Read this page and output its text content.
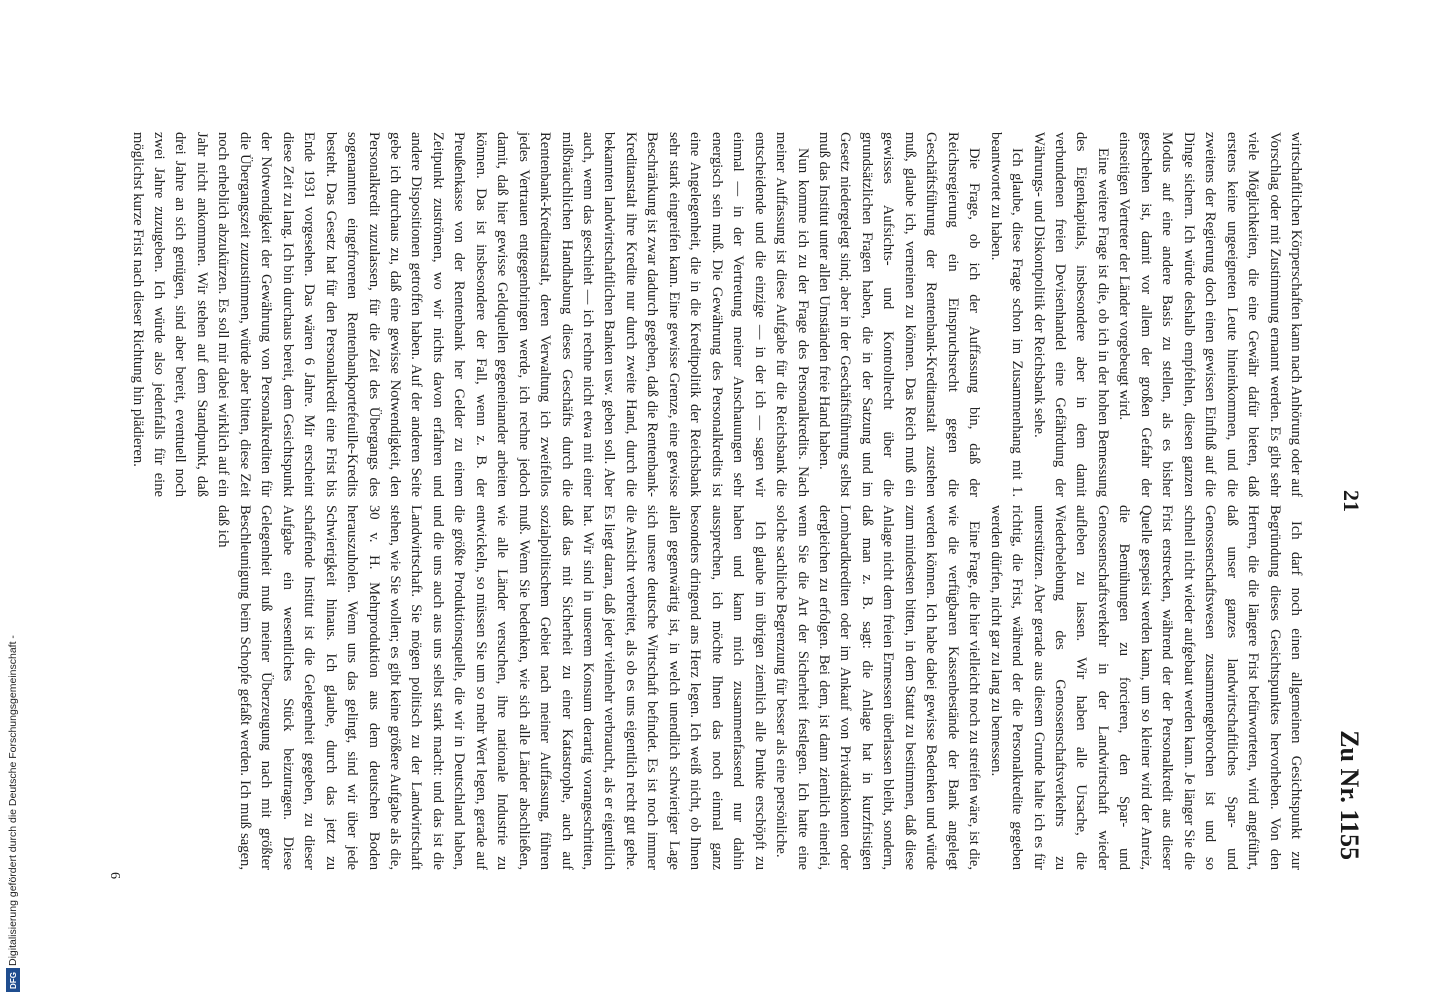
21
Zu Nr. 1155

wirtschaftlichen Körperschaften kann nach Anhörung oder auf Vorschlag oder mit Zustimmung ernannt werden. Es gibt sehr viele Möglichkeiten, die eine Gewähr dafür bieten, daß erstens keine ungeeigneten Leute hineinkommen, und die zweitens der Regierung doch einen gewissen Einfluß auf die Dinge sichern. Ich würde deshalb empfehlen, diesen ganzen Modus auf eine andere Basis zu stellen, als es bisher geschehen ist, damit vor allem der großen Gefahr der einseitigen Vertreter der Länder vorgebeugt wird.

Eine weitere Frage ist die, ob ich in der hohen Bemessung des Eigenkapitals, insbesondere aber in dem damit verbundenen freien Devisenhandel eine Gefährdung der Währungs- und Diskontpolitik der Reichsbank sehe.

Ich glaube, diese Frage schon im Zusammenhang mit 1. beantwortet zu haben.

Die Frage, ob ich der Auffassung bin, daß der Reichsregierung ein Einspruchsrecht gegen die Geschäftsführung der Rentenbank-Kreditanstalt zustehen muß, glaube ich, verneinen zu können. Das Reich muß ein gewisses Aufsichts- und Kontrollrecht über die grundsätzlichen Fragen haben, die in der Satzung und im Gesetz niedergelegt sind; aber in der Geschäftsführung selbst muß das Institut unter allen Umständen freie Hand haben.

Nun komme ich zu der Frage des Personalkredits. Nach meiner Auffassung ist diese Aufgabe für die Reichsbank die entscheidende und die einzige — in der ich — sagen wir einmal — in der Vertretung meiner Anschauungen sehr energisch sein muß. Die Gewährung des Personalkredits ist eine Angelegenheit, die in die Kreditpolitik der Reichsbank sehr stark eingreifen kann. Eine gewisse Grenze, eine gewisse Beschränkung ist zwar dadurch gegeben, daß die Rentenbank-Kreditanstalt ihre Kredite nur durch zweite Hand, durch die bekannten landwirtschaftlichen Banken usw. geben soll. Aber auch, wenn das geschieht — ich rechne nicht etwa mit einer mißbräuchlichen Handhabung dieses Geschäfts durch die Rentenbank-Kreditanstalt, deren Verwaltung ich zweifellos jedes Vertrauen entgegenbringen werde, ich rechne jedoch damit, daß hier gewisse Geldquellen gegeneinander arbeiten können. Das ist insbesondere der Fall, wenn z. B. der Preußenkasse von der Rentenbank her Gelder zu einem Zeitpunkt zuströmen, wo wir nichts davon erfahren und andere Dispositionen getroffen haben. Auf der anderen Seite gebe ich durchaus zu, daß eine gewisse Notwendigkeit, den Personalkredit zuzulassen, für die Zeit des Übergangs des sogenannten eingefrorenen Rentenbankportefeuille-Kredits besteht. Das Gesetz hat für den Personalkredit eine Frist bis Ende 1931 vorgesehen. Das wären 6 Jahre. Mir erscheint diese Zeit zu lang. Ich bin durchaus bereit, dem Gesichtspunkt der Notwendigkeit der Gewährung von Personalkrediten für die Übergangszeit zuzustimmen, würde aber bitten, diese Zeit noch erheblich abzukürzen. Es soll mir dabei wirklich auf ein Jahr nicht ankommen. Wir stehen auf dem Standpunkt, daß drei Jahre an sich genügen, sind aber bereit, eventuell noch zwei Jahre zuzugeben. Ich würde also jedenfalls für eine möglichst kurze Frist nach dieser Richtung hin plädieren.

Ich darf noch einen allgemeinen Gesichtspunkt zur Begründung dieses Gesichtspunktes hervorheben. Von den Herren, die die längere Frist befürworteten, wird angeführt, daß unser ganzes landwirtschaftliches Spar- und Genossenschaftswesen zusammengebrochen ist und so schnell nicht wieder aufgebaut werden kann. Je länger Sie die Frist erstrecken, während der der Personalkredit aus dieser Quelle gespeist werden kann, um so kleiner wird der Anreiz, die Bemühungen zu forcieren, den Spar- und Genossenschaftsverkehr in der Landwirtschaft wieder aufleben zu lassen. Wir haben alle Ursache, die Wiederbelebung des Genossenschaftsverkehrs zu unterstützen. Aber gerade aus diesem Grunde halte ich es für richtig, die Frist, während der die Personalkredite gegeben werden dürfen, nicht gar zu lang zu bemessen.

Eine Frage, die hier vielleicht noch zu streifen wäre, ist die, wie die verfügbaren Kassenbestände der Bank angelegt werden können. Ich habe dabei gewisse Bedenken und würde zum mindesten bitten, in dem Statut zu bestimmen, daß diese Anlage nicht dem freien Ermessen überlassen bleibt, sondern, daß man z. B. sagt: die Anlage hat in kurzfristigen Lombardkrediten oder im Ankauf von Privatdiskonten oder dergleichen zu erfolgen. Bei dem, ist dann ziemlich einerlei, wenn Sie die Art der Sicherheit festlegen. Ich hatte eine solche sachliche Begrenzung für besser als eine persönliche.

Ich glaube im übrigen ziemlich alle Punkte erschöpft zu haben und kann mich zusammenfassend nur dahin aussprechen, ich möchte Ihnen das noch einmal ganz besonders dringend ans Herz legen. Ich weiß nicht, ob Ihnen allen gegenwärtig ist, in welch unendlich schwieriger Lage sich unsere deutsche Wirtschaft befindet. Es ist noch immer die Ansicht verbreitet, als ob es uns eigentlich recht gut gehe. Es liegt daran, daß jeder vielmehr verbraucht, als er eigentlich hat. Wir sind in unserem Konsum derartig vorangeschritten, daß das mit Sicherheit zu einer Katastrophe, auch auf sozialpolitischem Gebiet nach meiner Auffassung, führen muß. Wenn Sie bedenken, wie sich alle Länder abschließen, wie alle Länder versuchen, ihre nationale Industrie zu entwickeln, so müssen Sie um so mehr Wert legen, gerade auf die größte Produktionsquelle, die wir in Deutschland haben, und die uns auch aus uns selbst stark macht: und das ist die Landwirtschaft. Sie mögen politisch zu der Landwirtschaft stehen, wie Sie wollen; es gibt keine größere Aufgabe als die, 30 v. H. Mehrproduktion aus dem deutschen Boden herauszuholen. Wenn uns das gelingt, sind wir über jede Schwierigkeit hinaus. Ich glaube, durch das jetzt zu schaffende Institut ist die Gelegenheit gegeben, zu dieser Aufgabe ein wesentliches Stück beizutragen. Diese Gelegenheit muß meiner Überzeugung nach mit größter Beschleunigung beim Schopfe gefaßt werden. Ich muß sagen, daß ich

6
Digitalisierung gefördert durch die Deutsche Forschungsgemeinschaft -
DFG
